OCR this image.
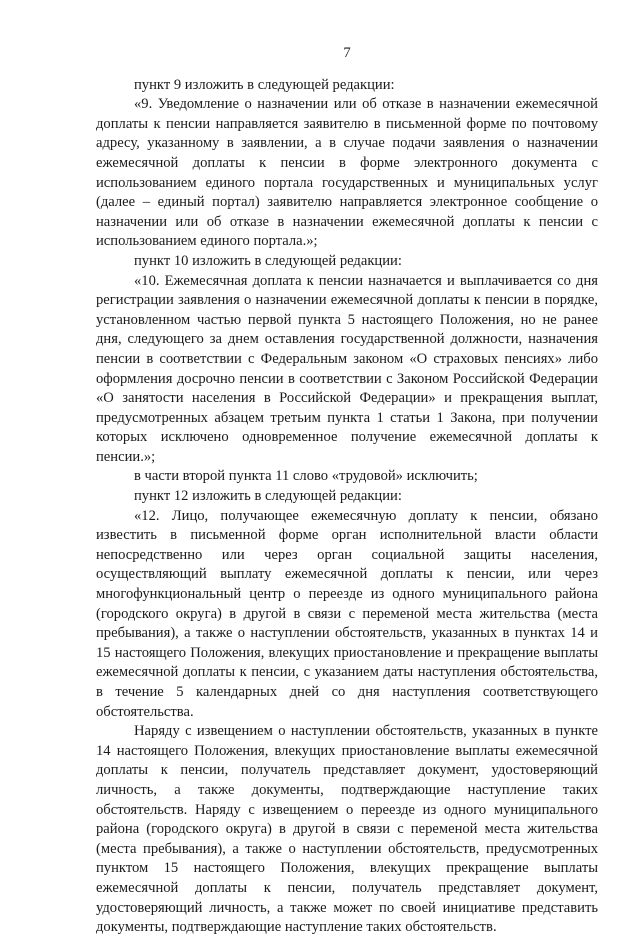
7

пункт 9 изложить в следующей редакции:

«9. Уведомление о назначении или об отказе в назначении ежемесячной доплаты к пенсии направляется заявителю в письменной форме по почтовому адресу, указанному в заявлении, а в случае подачи заявления о назначении ежемесячной доплаты к пенсии в форме электронного документа с использованием единого портала государственных и муниципальных услуг (далее – единый портал) заявителю направляется электронное сообщение о назначении или об отказе в назначении ежемесячной доплаты к пенсии с использованием единого портала.»;

пункт 10 изложить в следующей редакции:

«10. Ежемесячная доплата к пенсии назначается и выплачивается со дня регистрации заявления о назначении ежемесячной доплаты к пенсии в порядке, установленном частью первой пункта 5 настоящего Положения, но не ранее дня, следующего за днем оставления государственной должности, назначения пенсии в соответствии с Федеральным законом «О страховых пенсиях» либо оформления досрочно пенсии в соответствии с Законом Российской Федерации «О занятости населения в Российской Федерации» и прекращения выплат, предусмотренных абзацем третьим пункта 1 статьи 1 Закона, при получении которых исключено одновременное получение ежемесячной доплаты к пенсии.»;

в части второй пункта 11 слово «трудовой» исключить;

пункт 12 изложить в следующей редакции:

«12. Лицо, получающее ежемесячную доплату к пенсии, обязано известить в письменной форме орган исполнительной власти области непосредственно или через орган социальной защиты населения, осуществляющий выплату ежемесячной доплаты к пенсии, или через многофункциональный центр о переезде из одного муниципального района (городского округа) в другой в связи с переменой места жительства (места пребывания), а также о наступлении обстоятельств, указанных в пунктах 14 и 15 настоящего Положения, влекущих приостановление и прекращение выплаты ежемесячной доплаты к пенсии, с указанием даты наступления обстоятельства, в течение 5 календарных дней со дня наступления соответствующего обстоятельства.

Наряду с извещением о наступлении обстоятельств, указанных в пункте 14 настоящего Положения, влекущих приостановление выплаты ежемесячной доплаты к пенсии, получатель представляет документ, удостоверяющий личность, а также документы, подтверждающие наступление таких обстоятельств. Наряду с извещением о переезде из одного муниципального района (городского округа) в другой в связи с переменой места жительства (места пребывания), а также о наступлении обстоятельств, предусмотренных пунктом 15 настоящего Положения, влекущих прекращение выплаты ежемесячной доплаты к пенсии, получатель представляет документ, удостоверяющий личность, а также может по своей инициативе представить документы, подтверждающие наступление таких обстоятельств.
